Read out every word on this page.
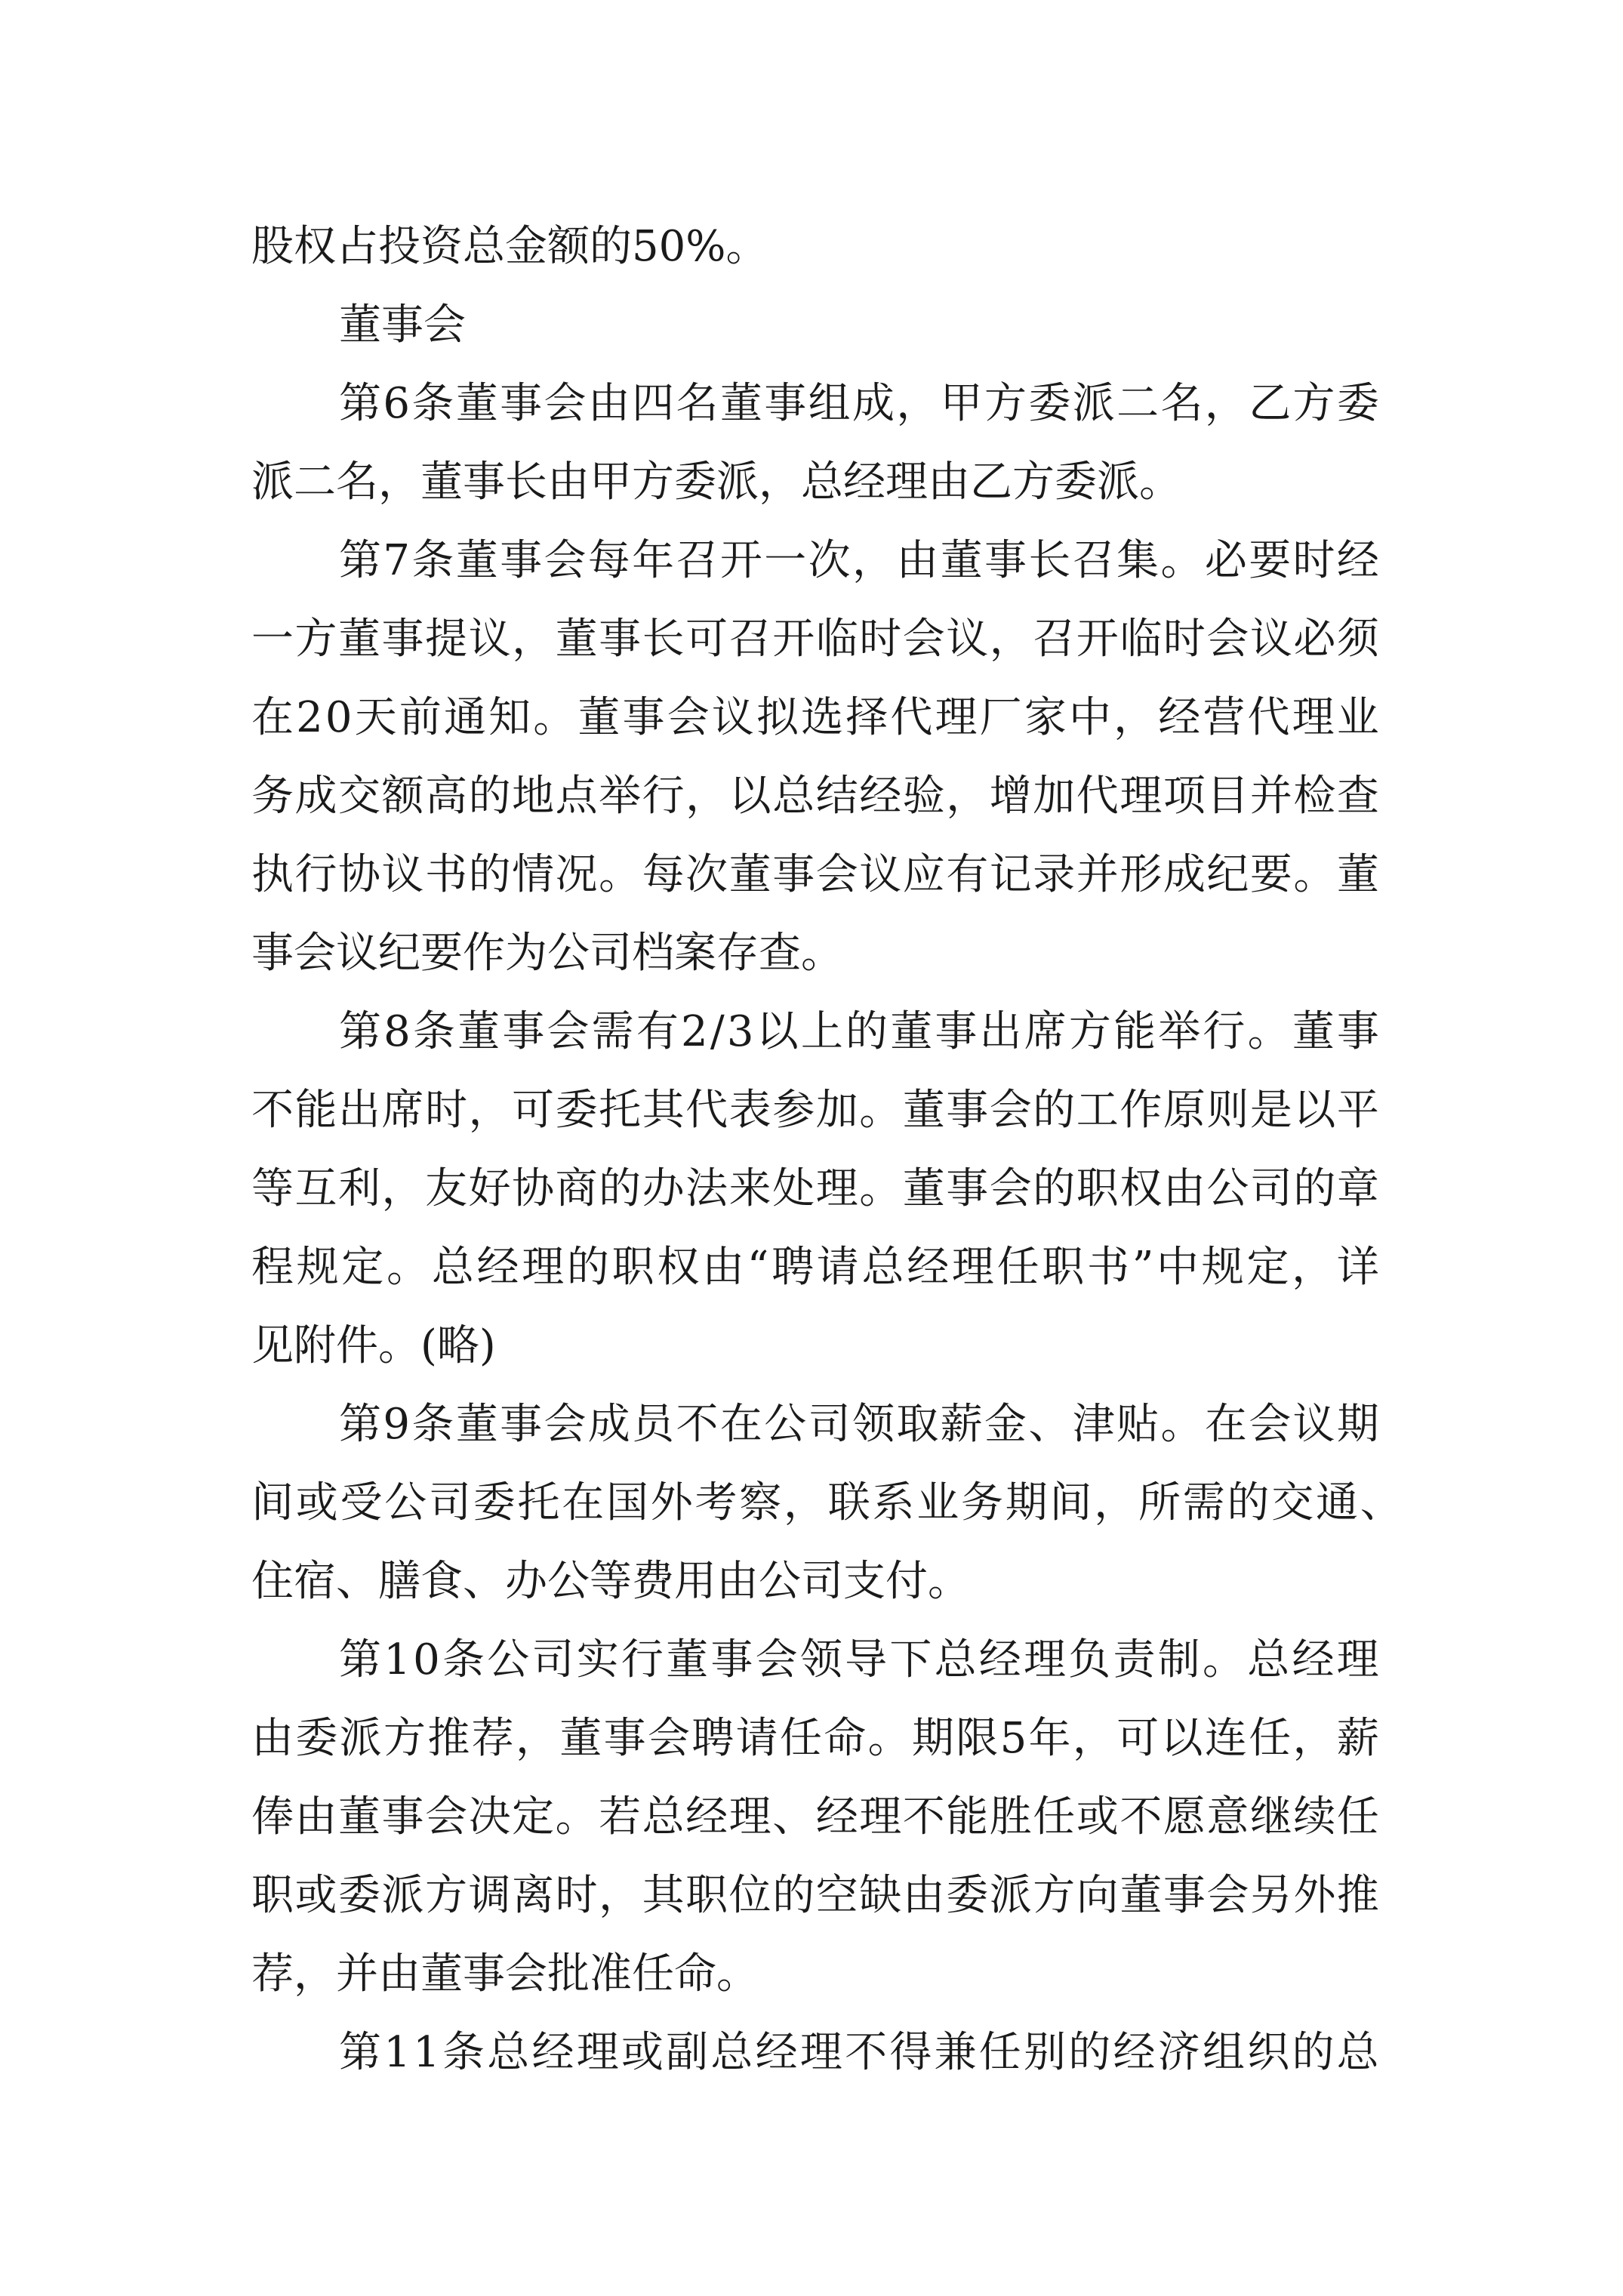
股权占投资总金额的50%。
董事会
第 6 条 董 事 会 由 四 名 董 事 组 成 ， 甲 方 委 派 二 名 ， 乙 方 委
派二名，董事长由甲方委派，总经理由乙方委派。
第 7 条 董 事 会 每 年 召 开 一 次 ， 由 董 事 长 召 集 。 必 要 时 经
一 方 董 事 提 议 ， 董 事 长 可 召 开 临 时 会 议 ， 召 开 临 时 会 议 必 须
在 2 0 天 前 通 知 。 董 事 会 议 拟 选 择 代 理 厂 家 中 ， 经 营 代 理 业
务 成 交 额 高 的 地 点 举 行 ， 以 总 结 经 验 ， 增 加 代 理 项 目 并 检 查
执 行 协 议 书 的 情 况 。 每 次 董 事 会 议 应 有 记 录 并 形 成 纪 要 。 董
事会议纪要作为公司档案存查。
第 8 条 董 事 会 需 有 2 / 3 以 上 的 董 事 出 席 方 能 举 行 。 董 事
不 能 出 席 时 ， 可 委 托 其 代 表 参 加 。 董 事 会 的 工 作 原 则 是 以 平
等 互 利 ， 友 好 协 商 的 办 法 来 处 理 。 董 事 会 的 职 权 由 公 司 的 章
程 规 定 。 总 经 理 的 职 权 由 “ 聘 请 总 经 理 任 职 书 ” 中 规 定 ， 详
见附件。(略)
第 9 条 董 事 会 成 员 不 在 公 司 领 取 薪 金 、 津 贴 。 在 会 议 期
间 或 受 公 司 委 托 在 国 外 考 察 ， 联 系 业 务 期 间 ， 所 需 的 交 通 、
住宿、膳食、办公等费用由公司支付。
第 1 0 条 公 司 实 行 董 事 会 领 导 下 总 经 理 负 责 制 。 总 经 理
由 委 派 方 推 荐 ， 董 事 会 聘 请 任 命 。 期 限 5 年 ， 可 以 连 任 ， 薪
俸 由 董 事 会 决 定 。 若 总 经 理 、 经 理 不 能 胜 任 或 不 愿 意 继 续 任
职 或 委 派 方 调 离 时 ， 其 职 位 的 空 缺 由 委 派 方 向 董 事 会 另 外 推
荐，并由董事会批准任命。
第 1 1 条 总 经 理 或 副 总 经 理 不 得 兼 任 别 的 经 济 组 织 的 总
